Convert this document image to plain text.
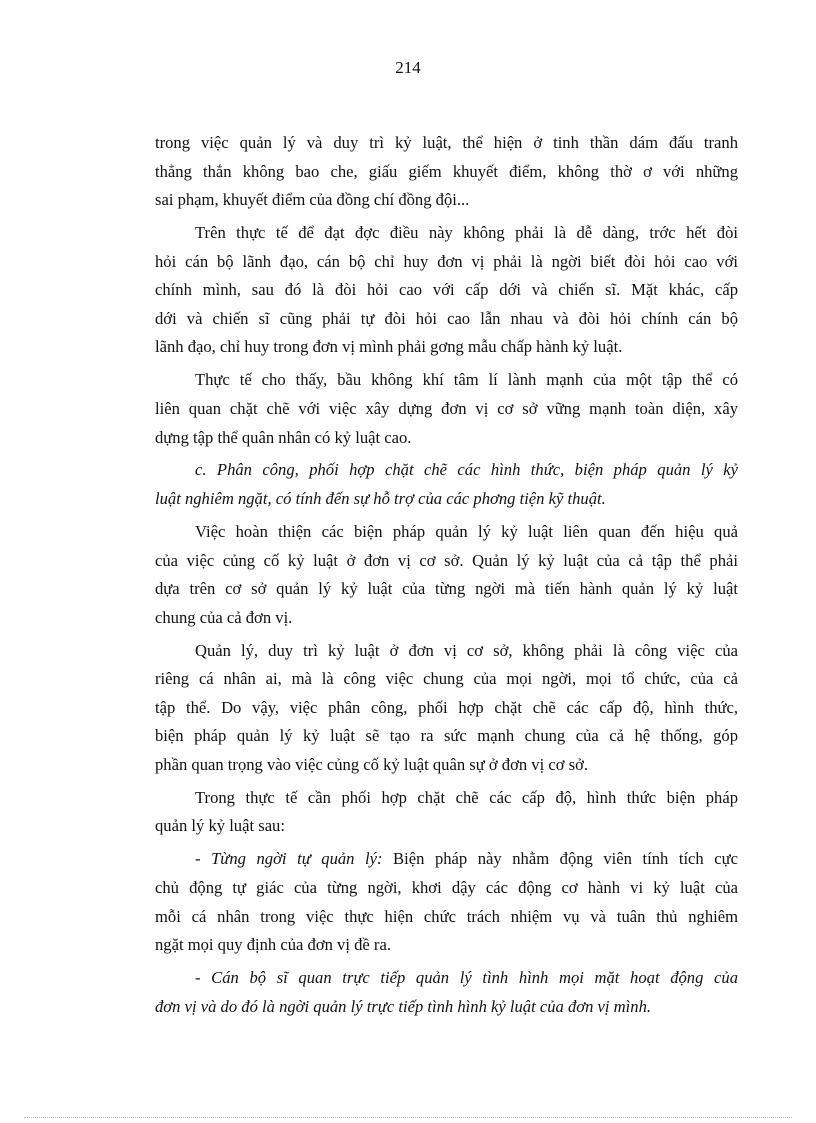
214
trong việc quản lý và duy trì kỷ luật, thể hiện ở tinh thần dám đấu tranh
thẳng thắn không bao che, giấu giếm khuyết điểm, không thờ ơ với những
sai phạm, khuyết điểm của đồng chí đồng đội...
Trên thực tế để đạt đợc điều này không phải là dễ dàng, trớc hết đòi
hỏi cán bộ lãnh đạo, cán bộ chỉ huy đơn vị phải là ngời biết đòi hỏi cao với
chính mình, sau đó là đòi hỏi cao với cấp dới và chiến sĩ. Mặt khác, cấp
dới và chiến sĩ cũng phải tự đòi hỏi cao lẫn nhau và đòi hỏi chính cán bộ
lãnh đạo, chỉ huy trong đơn vị mình phải gơng mẫu chấp hành kỷ luật.
Thực tế cho thấy, bầu không khí tâm lí lành mạnh của một tập thể có
liên quan chặt chẽ với việc xây dựng đơn vị cơ sở vững mạnh toàn diện, xây
dựng tập thể quân nhân có kỷ luật cao.
c. Phân công, phối hợp chặt chẽ các hình thức, biện pháp quản lý kỷ
luật nghiêm ngặt, có tính đến sự hỗ trợ của các phơng tiện kỹ thuật.
Việc hoàn thiện các biện pháp quản lý kỷ luật liên quan đến hiệu quả
của việc củng cố kỷ luật ở đơn vị cơ sở. Quản lý kỷ luật của cả tập thể phải
dựa trên cơ sở quản lý kỷ luật của từng ngời mà tiến hành quản lý kỷ luật
chung của cả đơn vị.
Quản lý, duy trì kỷ luật ở đơn vị cơ sở, không phải là công việc của
riêng cá nhân ai, mà là công việc chung của mọi ngời, mọi tổ chức, của cả
tập thể. Do vậy, việc phân công, phối hợp chặt chẽ các cấp độ, hình thức,
biện pháp quản lý kỷ luật sẽ tạo ra sức mạnh chung của cả hệ thống, góp
phần quan trọng vào việc củng cố kỷ luật quân sự ở đơn vị cơ sở.
Trong thực tế cần phối hợp chặt chẽ các cấp độ, hình thức biện pháp
quản lý kỷ luật sau:
- Từng ngời tự quản lý: Biện pháp này nhằm động viên tính tích cực
chủ động tự giác của từng ngời, khơi dậy các động cơ hành vi kỷ luật của
mỗi cá nhân trong việc thực hiện chức trách nhiệm vụ và tuân thủ nghiêm
ngặt mọi quy định của đơn vị đề ra.
- Cán bộ sĩ quan trực tiếp quản lý tình hình mọi mặt hoạt động của
đơn vị và do đó là ngời quản lý trực tiếp tình hình kỷ luật của đơn vị mình.
